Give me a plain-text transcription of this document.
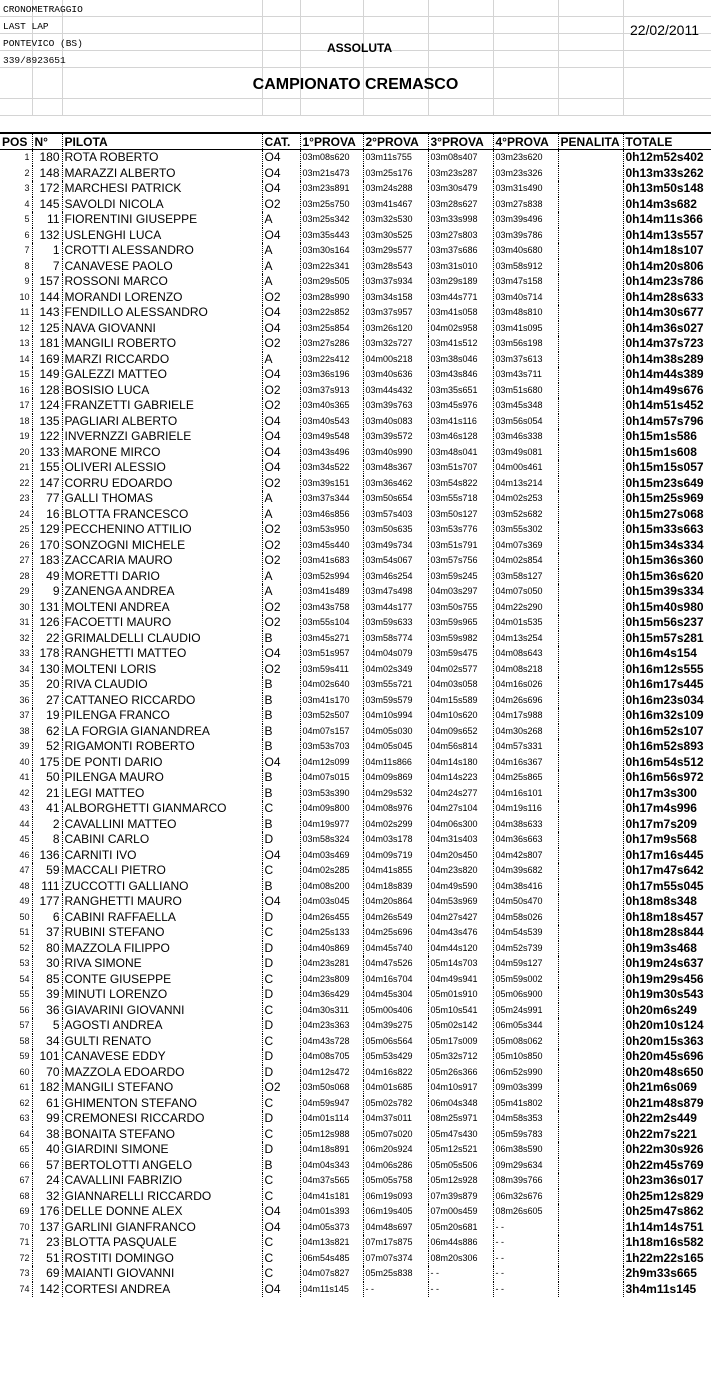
CRONOMETRAGGIO
LAST LAP
PONTEVICO (BS)
339/8923651
22/02/2011
ASSOLUTA
CAMPIONATO CREMASCO
POS	N°	PILOTA	CAT.	1°PROVA	2°PROVA	3°PROVA	4°PROVA	PENALITA	TOTALE
1	180	ROTA ROBERTO	O4	03m08s620	03m11s755	03m08s407	03m23s620		0h12m52s402
2	148	MARAZZI ALBERTO	O4	03m21s473	03m25s176	03m23s287	03m23s326		0h13m33s262
3	172	MARCHESI PATRICK	O4	03m23s891	03m24s288	03m30s479	03m31s490		0h13m50s148
4	145	SAVOLDI NICOLA	O2	03m25s750	03m41s467	03m28s627	03m27s838		0h14m3s682
5	11	FIORENTINI GIUSEPPE	A	03m25s342	03m32s530	03m33s998	03m39s496		0h14m11s366
6	132	USLENGHI LUCA	O4	03m35s443	03m30s525	03m27s803	03m39s786		0h14m13s557
7	1	CROTTI ALESSANDRO	A	03m30s164	03m29s577	03m37s686	03m40s680		0h14m18s107
8	7	CANAVESE PAOLO	A	03m22s341	03m28s543	03m31s010	03m58s912		0h14m20s806
9	157	ROSSONI MARCO	A	03m29s505	03m37s934	03m29s189	03m47s158		0h14m23s786
10	144	MORANDI LORENZO	O2	03m28s990	03m34s158	03m44s771	03m40s714		0h14m28s633
11	143	FENDILLO ALESSANDRO	O4	03m22s852	03m37s957	03m41s058	03m48s810		0h14m30s677
12	125	NAVA GIOVANNI	O4	03m25s854	03m26s120	04m02s958	03m41s095		0h14m36s027
13	181	MANGILI ROBERTO	O2	03m27s286	03m32s727	03m41s512	03m56s198		0h14m37s723
14	169	MARZI RICCARDO	A	03m22s412	04m00s218	03m38s046	03m37s613		0h14m38s289
15	149	GALEZZI MATTEO	O4	03m36s196	03m40s636	03m43s846	03m43s711		0h14m44s389
16	128	BOSISIO LUCA	O2	03m37s913	03m44s432	03m35s651	03m51s680		0h14m49s676
17	124	FRANZETTI GABRIELE	O2	03m40s365	03m39s763	03m45s976	03m45s348		0h14m51s452
18	135	PAGLIARI ALBERTO	O4	03m40s543	03m40s083	03m41s116	03m56s054		0h14m57s796
19	122	INVERNZZI GABRIELE	O4	03m49s548	03m39s572	03m46s128	03m46s338		0h15m1s586
20	133	MARONE MIRCO	O4	03m43s496	03m40s990	03m48s041	03m49s081		0h15m1s608
21	155	OLIVERI ALESSIO	O4	03m34s522	03m48s367	03m51s707	04m00s461		0h15m15s057
22	147	CORRU EDOARDO	O2	03m39s151	03m36s462	03m54s822	04m13s214		0h15m23s649
23	77	GALLI THOMAS	A	03m37s344	03m50s654	03m55s718	04m02s253		0h15m25s969
24	16	BLOTTA FRANCESCO	A	03m46s856	03m57s403	03m50s127	03m52s682		0h15m27s068
25	129	PECCHENINO ATTILIO	O2	03m53s950	03m50s635	03m53s776	03m55s302		0h15m33s663
26	170	SONZOGNI MICHELE	O2	03m45s440	03m49s734	03m51s791	04m07s369		0h15m34s334
27	183	ZACCARIA MAURO	O2	03m41s683	03m54s067	03m57s756	04m02s854		0h15m36s360
28	49	MORETTI DARIO	A	03m52s994	03m46s254	03m59s245	03m58s127		0h15m36s620
29	9	ZANENGA ANDREA	A	03m41s489	03m47s498	04m03s297	04m07s050		0h15m39s334
30	131	MOLTENI ANDREA	O2	03m43s758	03m44s177	03m50s755	04m22s290		0h15m40s980
31	126	FACOETTI MAURO	O2	03m55s104	03m59s633	03m59s965	04m01s535		0h15m56s237
32	22	GRIMALDELLI CLAUDIO	B	03m45s271	03m58s774	03m59s982	04m13s254		0h15m57s281
33	178	RANGHETTI MATTEO	O4	03m51s957	04m04s079	03m59s475	04m08s643		0h16m4s154
34	130	MOLTENI LORIS	O2	03m59s411	04m02s349	04m02s577	04m08s218		0h16m12s555
35	20	RIVA CLAUDIO	B	04m02s640	03m55s721	04m03s058	04m16s026		0h16m17s445
36	27	CATTANEO RICCARDO	B	03m41s170	03m59s579	04m15s589	04m26s696		0h16m23s034
37	19	PILENGA FRANCO	B	03m52s507	04m10s994	04m10s620	04m17s988		0h16m32s109
38	62	LA FORGIA GIANANDREA	B	04m07s157	04m05s030	04m09s652	04m30s268		0h16m52s107
39	52	RIGAMONTI ROBERTO	B	03m53s703	04m05s045	04m56s814	04m57s331		0h16m52s893
40	175	DE PONTI DARIO	O4	04m12s099	04m11s866	04m14s180	04m16s367		0h16m54s512
41	50	PILENGA MAURO	B	04m07s015	04m09s869	04m14s223	04m25s865		0h16m56s972
42	21	LEGI MATTEO	B	03m53s390	04m29s532	04m24s277	04m16s101		0h17m3s300
43	41	ALBORGHETTI GIANMARCO	C	04m09s800	04m08s976	04m27s104	04m19s116		0h17m4s996
44	2	CAVALLINI MATTEO	B	04m19s977	04m02s299	04m06s300	04m38s633		0h17m7s209
45	8	CABINI CARLO	D	03m58s324	04m03s178	04m31s403	04m36s663		0h17m9s568
46	136	CARNITI IVO	O4	04m03s469	04m09s719	04m20s450	04m42s807		0h17m16s445
47	59	MACCALI PIETRO	C	04m02s285	04m41s855	04m23s820	04m39s682		0h17m47s642
48	111	ZUCCOTTI GALLIANO	B	04m08s200	04m18s839	04m49s590	04m38s416		0h17m55s045
49	177	RANGHETTI MAURO	O4	04m03s045	04m20s864	04m53s969	04m50s470		0h18m8s348
50	6	CABINI RAFFAELLA	D	04m26s455	04m26s549	04m27s427	04m58s026		0h18m18s457
51	37	RUBINI STEFANO	C	04m25s133	04m25s696	04m43s476	04m54s539		0h18m28s844
52	80	MAZZOLA FILIPPO	D	04m40s869	04m45s740	04m44s120	04m52s739		0h19m3s468
53	30	RIVA SIMONE	D	04m23s281	04m47s526	05m14s703	04m59s127		0h19m24s637
54	85	CONTE GIUSEPPE	C	04m23s809	04m16s704	04m49s941	05m59s002		0h19m29s456
55	39	MINUTI LORENZO	D	04m36s429	04m45s304	05m01s910	05m06s900		0h19m30s543
56	36	GIAVARINI GIOVANNI	C	04m30s311	05m00s406	05m10s541	05m24s991		0h20m6s249
57	5	AGOSTI ANDREA	D	04m23s363	04m39s275	05m02s142	06m05s344		0h20m10s124
58	34	GULTI RENATO	C	04m43s728	05m06s564	05m17s009	05m08s062		0h20m15s363
59	101	CANAVESE EDDY	D	04m08s705	05m53s429	05m32s712	05m10s850		0h20m45s696
60	70	MAZZOLA EDOARDO	D	04m12s472	04m16s822	05m26s366	06m52s990		0h20m48s650
61	182	MANGILI STEFANO	O2	03m50s068	04m01s685	04m10s917	09m03s399		0h21m6s069
62	61	GHIMENTON STEFANO	C	04m59s947	05m02s782	06m04s348	05m41s802		0h21m48s879
63	99	CREMONESI RICCARDO	D	04m01s114	04m37s011	08m25s971	04m58s353		0h22m2s449
64	38	BONAITA STEFANO	C	05m12s988	05m07s020	05m47s430	05m59s783		0h22m7s221
65	40	GIARDINI SIMONE	D	04m18s891	06m20s924	05m12s521	06m38s590		0h22m30s926
66	57	BERTOLOTTI ANGELO	B	04m04s343	04m06s286	05m05s506	09m29s634		0h22m45s769
67	24	CAVALLINI FABRIZIO	C	04m37s565	05m05s758	05m12s928	08m39s766		0h23m36s017
68	32	GIANNARELLI RICCARDO	C	04m41s181	06m19s093	07m39s879	06m32s676		0h25m12s829
69	176	DELLE DONNE ALEX	O4	04m01s393	06m19s405	07m00s459	08m26s605		0h25m47s862
70	137	GARLINI GIANFRANCO	O4	04m05s373	04m48s697	05m20s681	- -		1h14m14s751
71	23	BLOTTA PASQUALE	C	04m13s821	07m17s875	06m44s886	- -		1h18m16s582
72	51	ROSTITI DOMINGO	C	06m54s485	07m07s374	08m20s306	- -		1h22m22s165
73	69	MAIANTI GIOVANNI	C	04m07s827	05m25s838	- -	- -		2h9m33s665
74	142	CORTESI ANDREA	O4	04m11s145	- -	- -	- -		3h4m11s145
